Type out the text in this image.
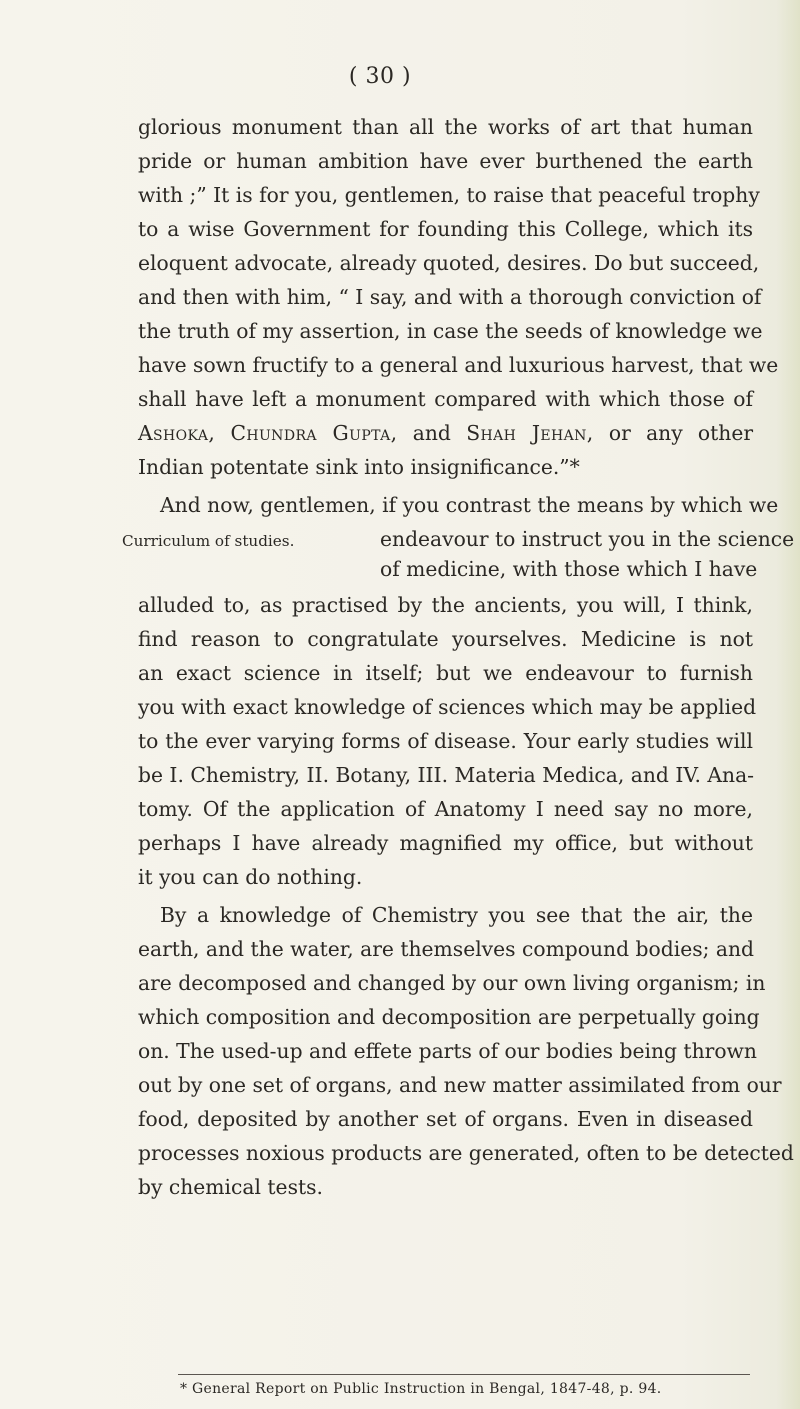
( 30 )
glorious monument than all the works of art that human
pride or human ambition have ever burthened the earth
with ;” It is for you, gentlemen, to raise that peaceful trophy
to a wise Government for founding this College, which its
eloquent advocate, already quoted, desires. Do but succeed,
and then with him, “ I say, and with a thorough conviction of
the truth of my assertion, in case the seeds of knowledge we
have sown fructify to a general and luxurious harvest, that we
shall have left a monument compared with which those of
Ashoka, Chundra Gupta, and Shah Jehan, or any other
Indian potentate sink into insignificance.”*
And now, gentlemen, if you contrast the means by which we
endeavour to instruct you in the science
Curriculum of studies.
of medicine, with those which I have
alluded to, as practised by the ancients, you will, I think,
find reason to congratulate yourselves. Medicine is not
an exact science in itself; but we endeavour to furnish
you with exact knowledge of sciences which may be applied
to the ever varying forms of disease. Your early studies will
be I. Chemistry, II. Botany, III. Materia Medica, and IV. Ana-
tomy. Of the application of Anatomy I need say no more,
perhaps I have already magnified my office, but without
it you can do nothing.
By a knowledge of Chemistry you see that the air, the
earth, and the water, are themselves compound bodies; and
are decomposed and changed by our own living organism; in
which composition and decomposition are perpetually going
on. The used-up and effete parts of our bodies being thrown
out by one set of organs, and new matter assimilated from our
food, deposited by another set of organs. Even in diseased
processes noxious products are generated, often to be detected
by chemical tests.
* General Report on Public Instruction in Bengal, 1847-48, p. 94.
